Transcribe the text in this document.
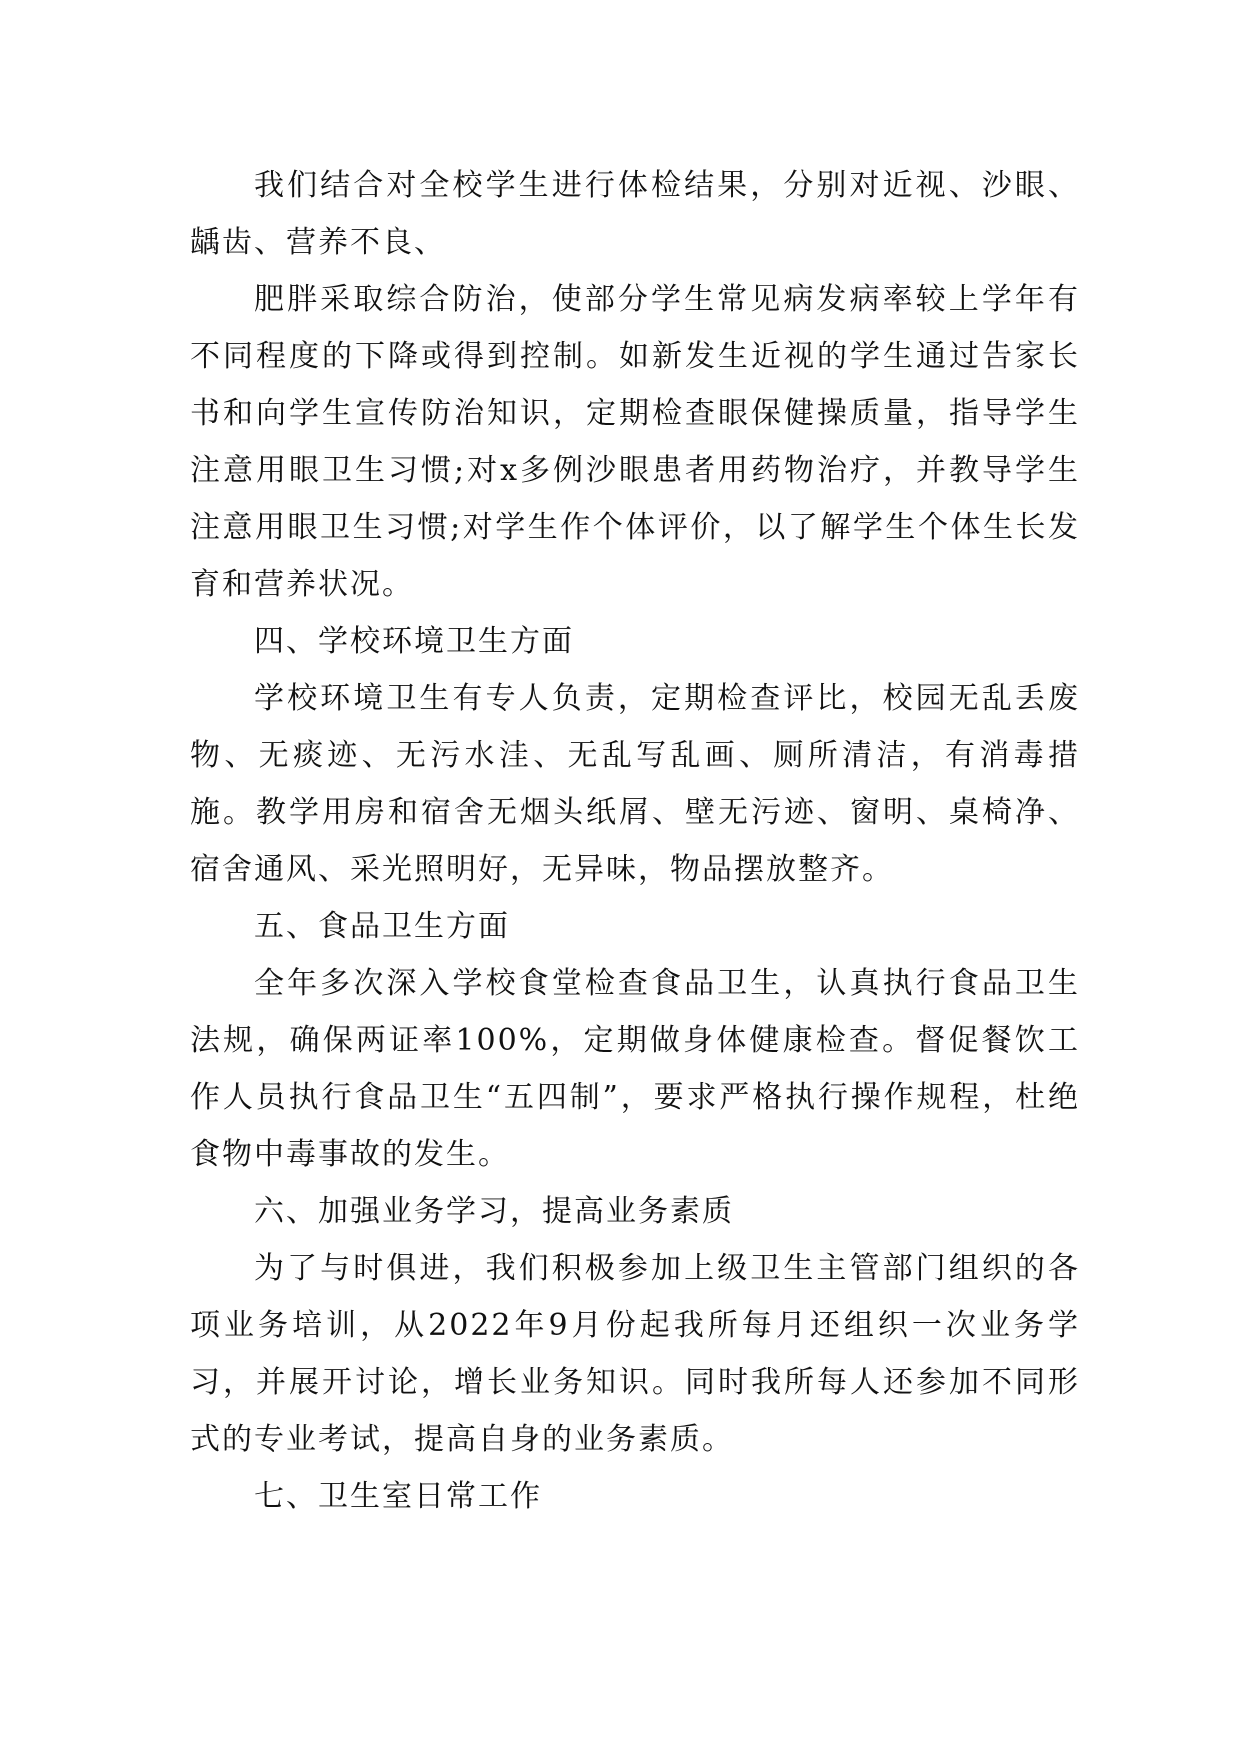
我们结合对全校学生进行体检结果，分别对近视、沙眼、龋齿、营养不良、

肥胖采取综合防治，使部分学生常见病发病率较上学年有不同程度的下降或得到控制。如新发生近视的学生通过告家长书和向学生宣传防治知识，定期检查眼保健操质量，指导学生注意用眼卫生习惯;对x多例沙眼患者用药物治疗，并教导学生注意用眼卫生习惯;对学生作个体评价，以了解学生个体生长发育和营养状况。

四、学校环境卫生方面

学校环境卫生有专人负责，定期检查评比，校园无乱丢废物、无痰迹、无污水洼、无乱写乱画、厕所清洁，有消毒措施。教学用房和宿舍无烟头纸屑、壁无污迹、窗明、桌椅净、宿舍通风、采光照明好，无异味，物品摆放整齐。

五、食品卫生方面

全年多次深入学校食堂检查食品卫生，认真执行食品卫生法规，确保两证率100%，定期做身体健康检查。督促餐饮工作人员执行食品卫生“五四制”，要求严格执行操作规程，杜绝食物中毒事故的发生。

六、加强业务学习，提高业务素质

为了与时俱进，我们积极参加上级卫生主管部门组织的各项业务培训，从2022年9月份起我所每月还组织一次业务学习，并展开讨论，增长业务知识。同时我所每人还参加不同形式的专业考试，提高自身的业务素质。

七、卫生室日常工作
